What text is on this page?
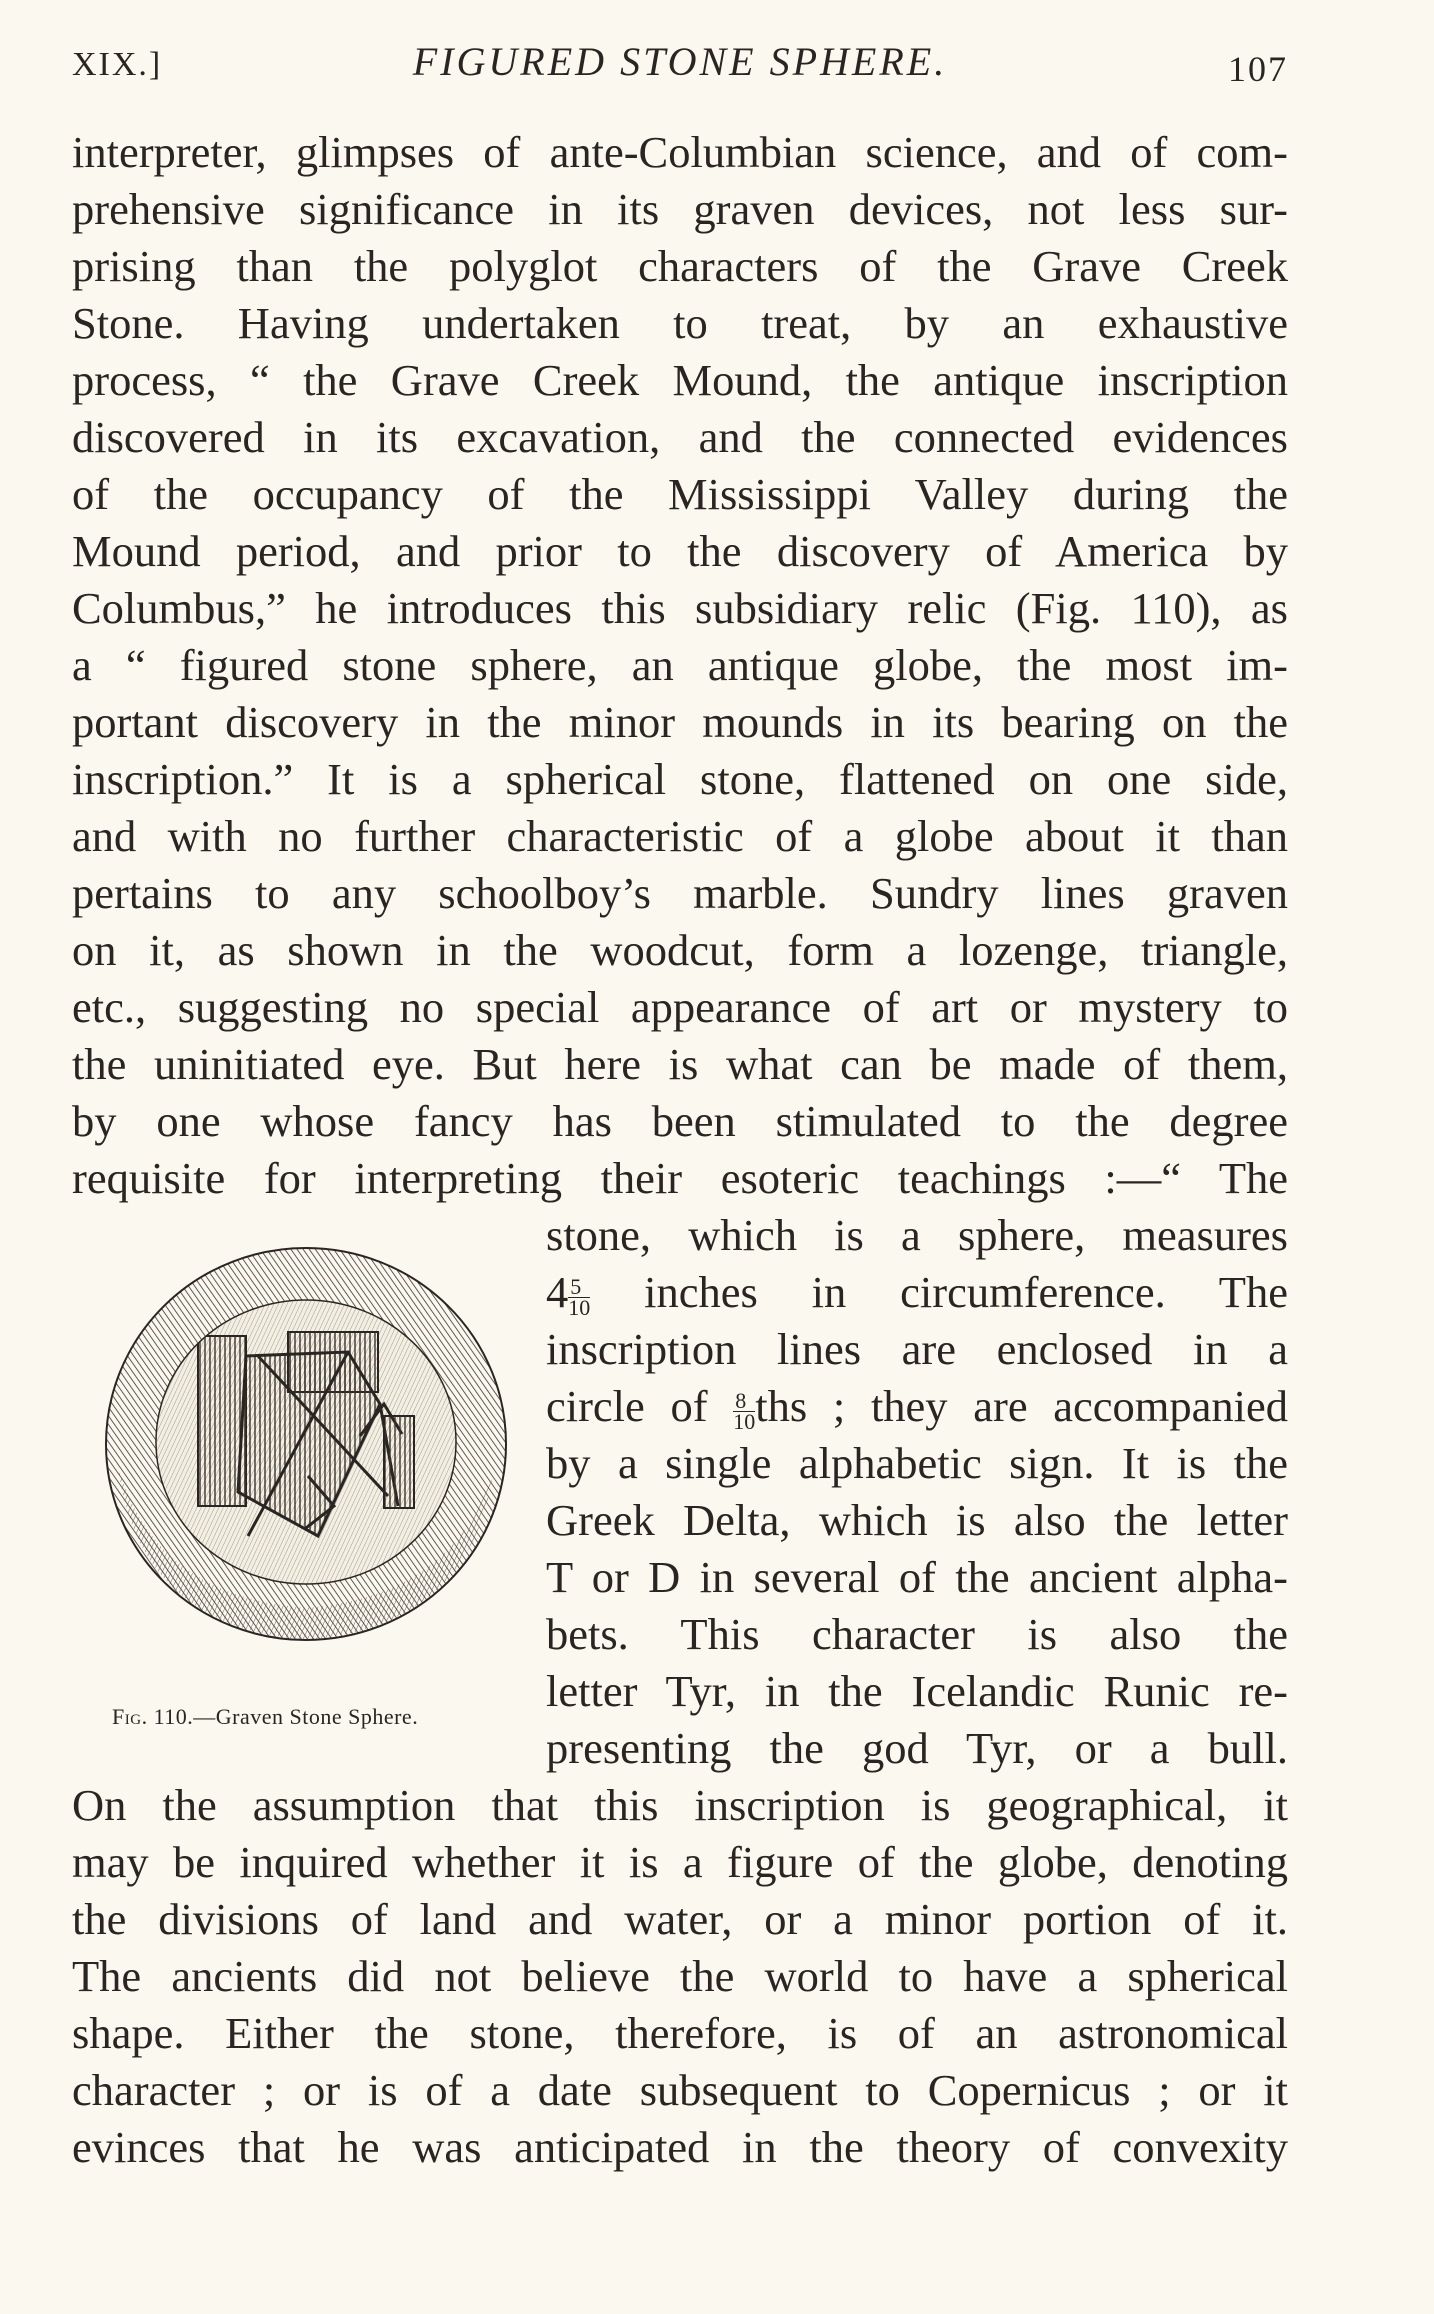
XIX.]	FIGURED STONE SPHERE.	107
interpreter, glimpses of ante-Columbian science, and of com-
prehensive significance in its graven devices, not less sur-
prising than the polyglot characters of the Grave Creek
Stone. Having undertaken to treat, by an exhaustive
process, “ the Grave Creek Mound, the antique inscription
discovered in its excavation, and the connected evidences
of the occupancy of the Mississippi Valley during the
Mound period, and prior to the discovery of America by
Columbus,” he introduces this subsidiary relic (Fig. 110), as
a “ figured stone sphere, an antique globe, the most im-
portant discovery in the minor mounds in its bearing on the
inscription.” It is a spherical stone, flattened on one side,
and with no further characteristic of a globe about it than
pertains to any schoolboy’s marble. Sundry lines graven
on it, as shown in the woodcut, form a lozenge, triangle,
etc., suggesting no special appearance of art or mystery to
the uninitiated eye. But here is what can be made of them,
by one whose fancy has been stimulated to the degree
requisite for interpreting their esoteric teachings :—“ The
Fig. 110.—Graven Stone Sphere.
stone, which is a sphere, measures
$4 \frac{5}{10}$ inches in circumference. The
inscription lines are enclosed in a
circle of $\frac{8}{10}$ ths ; they are accompanied
by a single alphabetic sign. It is the
Greek Delta, which is also the letter
T or D in several of the ancient alpha-
bets. This character is also the
letter Tyr, in the Icelandic Runic re-
presenting the god Tyr, or a bull.
On the assumption that this inscription is geographical, it
may be inquired whether it is a figure of the globe, denoting
the divisions of land and water, or a minor portion of it.
The ancients did not believe the world to have a spherical
shape. Either the stone, therefore, is of an astronomical
character ; or is of a date subsequent to Copernicus ; or it
evinces that he was anticipated in the theory of convexity
